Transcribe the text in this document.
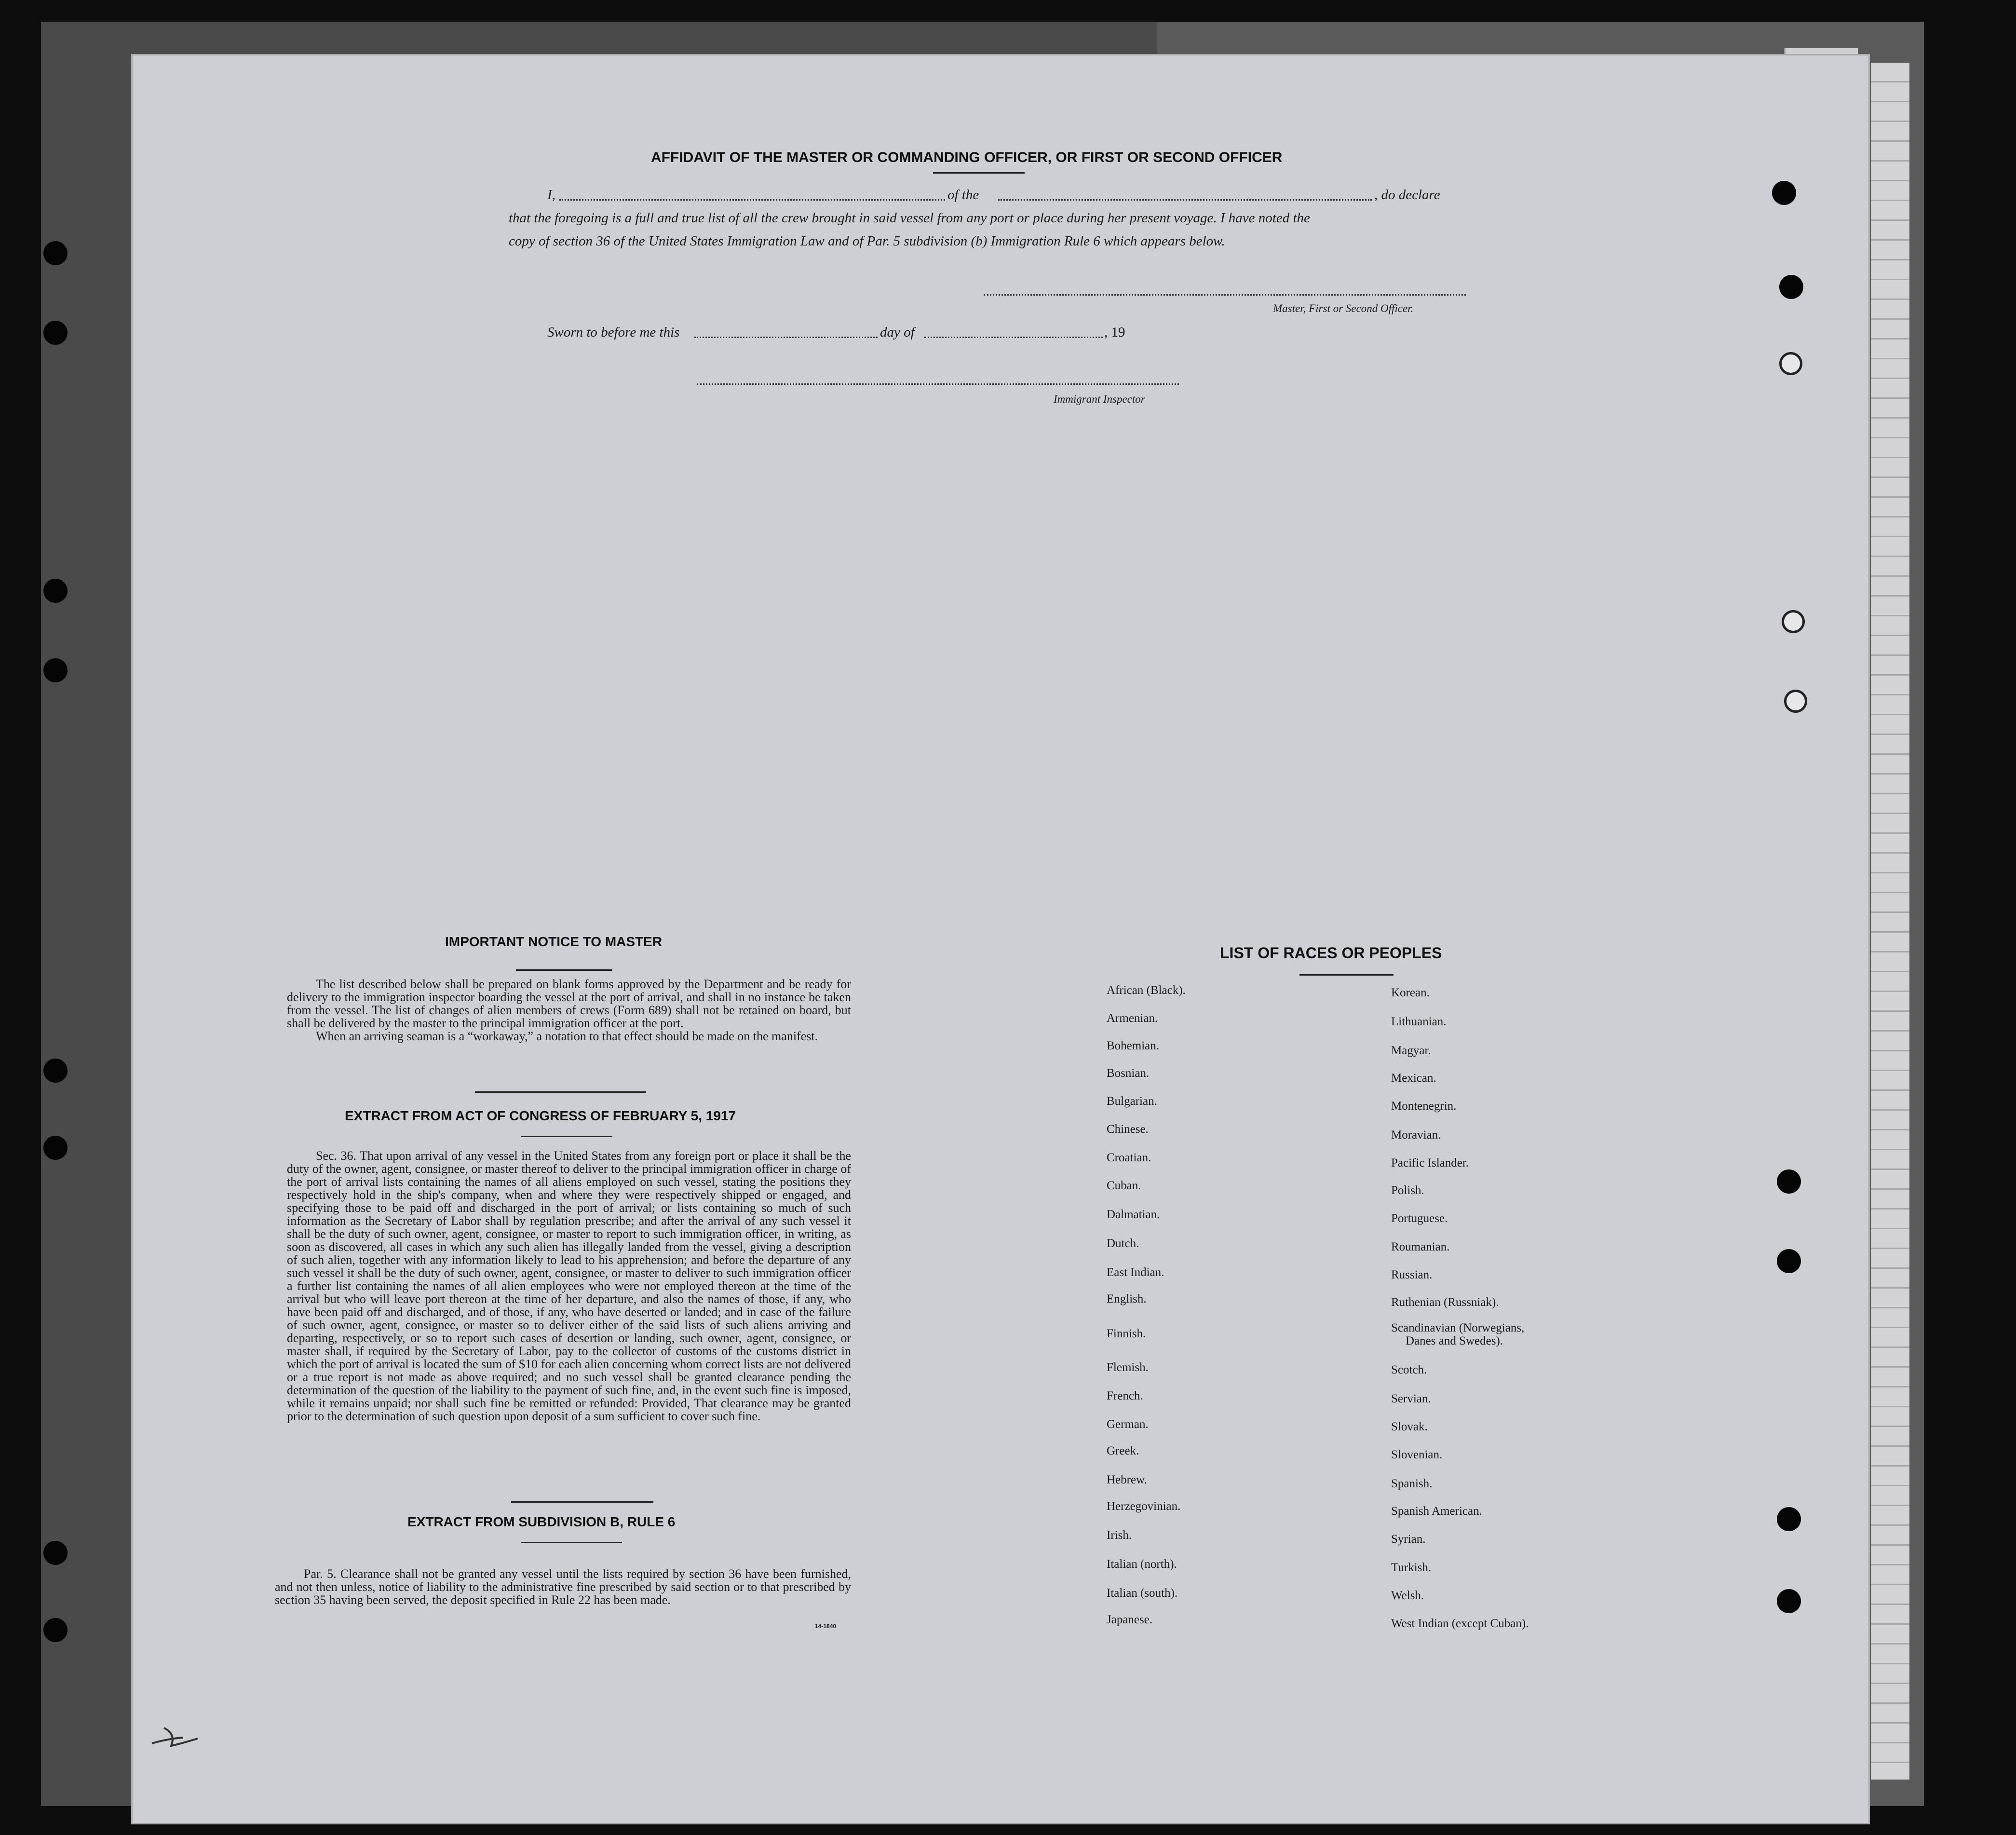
AFFIDAVIT OF THE MASTER OR COMMANDING OFFICER, OR FIRST OR SECOND OFFICER
I,	of the	, do declare
that the foregoing is a full and true list of all the crew brought in said vessel from any port or place during her present voyage. I have noted the
copy of section 36 of the United States Immigration Law and of Par. 5 subdivision (b) Immigration Rule 6 which appears below.
Master, First or Second Officer.
Sworn to before me this	day of	, 19
Immigrant Inspector
IMPORTANT NOTICE TO MASTER

The list described below shall be prepared on blank forms approved by the Department and be ready for delivery to the immigration inspector boarding the vessel at the port of arrival, and shall in no instance be taken from the vessel. The list of changes of alien members of crews (Form 689) shall not be retained on board, but shall be delivered by the master to the principal immigration officer at the port.

When an arriving seaman is a “workaway,” a notation to that effect should be made on the manifest.

EXTRACT FROM ACT OF CONGRESS OF FEBRUARY 5, 1917

Sec. 36. That upon arrival of any vessel in the United States from any foreign port or place it shall be the duty of the owner, agent, consignee, or master thereof to deliver to the principal immigration officer in charge of the port of arrival lists containing the names of all aliens employed on such vessel, stating the positions they respectively hold in the ship's company, when and where they were respectively shipped or engaged, and specifying those to be paid off and discharged in the port of arrival; or lists containing so much of such information as the Secretary of Labor shall by regulation prescribe; and after the arrival of any such vessel it shall be the duty of such owner, agent, consignee, or master to report to such immigration officer, in writing, as soon as discovered, all cases in which any such alien has illegally landed from the vessel, giving a description of such alien, together with any information likely to lead to his apprehension; and before the departure of any such vessel it shall be the duty of such owner, agent, consignee, or master to deliver to such immigration officer a further list containing the names of all alien employees who were not employed thereon at the time of the arrival but who will leave port thereon at the time of her departure, and also the names of those, if any, who have been paid off and discharged, and of those, if any, who have deserted or landed; and in case of the failure of such owner, agent, consignee, or master so to deliver either of the said lists of such aliens arriving and departing, respectively, or so to report such cases of desertion or landing, such owner, agent, consignee, or master shall, if required by the Secretary of Labor, pay to the collector of customs of the customs district in which the port of arrival is located the sum of $10 for each alien concerning whom correct lists are not delivered or a true report is not made as above required; and no such vessel shall be granted clearance pending the determination of the question of the liability to the payment of such fine, and, in the event such fine is imposed, while it remains unpaid; nor shall such fine be remitted or refunded: Provided, That clearance may be granted prior to the determination of such question upon deposit of a sum sufficient to cover such fine.

EXTRACT FROM SUBDIVISION B, RULE 6

Par. 5. Clearance shall not be granted any vessel until the lists required by section 36 have been furnished, and not then unless, notice of liability to the administrative fine prescribed by said section or to that prescribed by section 35 having been served, the deposit specified in Rule 22 has been made.

14-1840
LIST OF RACES OR PEOPLES
African (Black).
Armenian.
Bohemian.
Bosnian.
Bulgarian.
Chinese.
Croatian.
Cuban.
Dalmatian.
Dutch.
East Indian.
English.
Finnish.
Flemish.
French.
German.
Greek.
Hebrew.
Herzegovinian.
Irish.
Italian (north).
Italian (south).
Japanese.
Korean.
Lithuanian.
Magyar.
Mexican.
Montenegrin.
Moravian.
Pacific Islander.
Polish.
Portuguese.
Roumanian.
Russian.
Ruthenian (Russniak).
Scandinavian (Norwegians,
Danes and Swedes).
Scotch.
Servian.
Slovak.
Slovenian.
Spanish.
Spanish American.
Syrian.
Turkish.
Welsh.
West Indian (except Cuban).
